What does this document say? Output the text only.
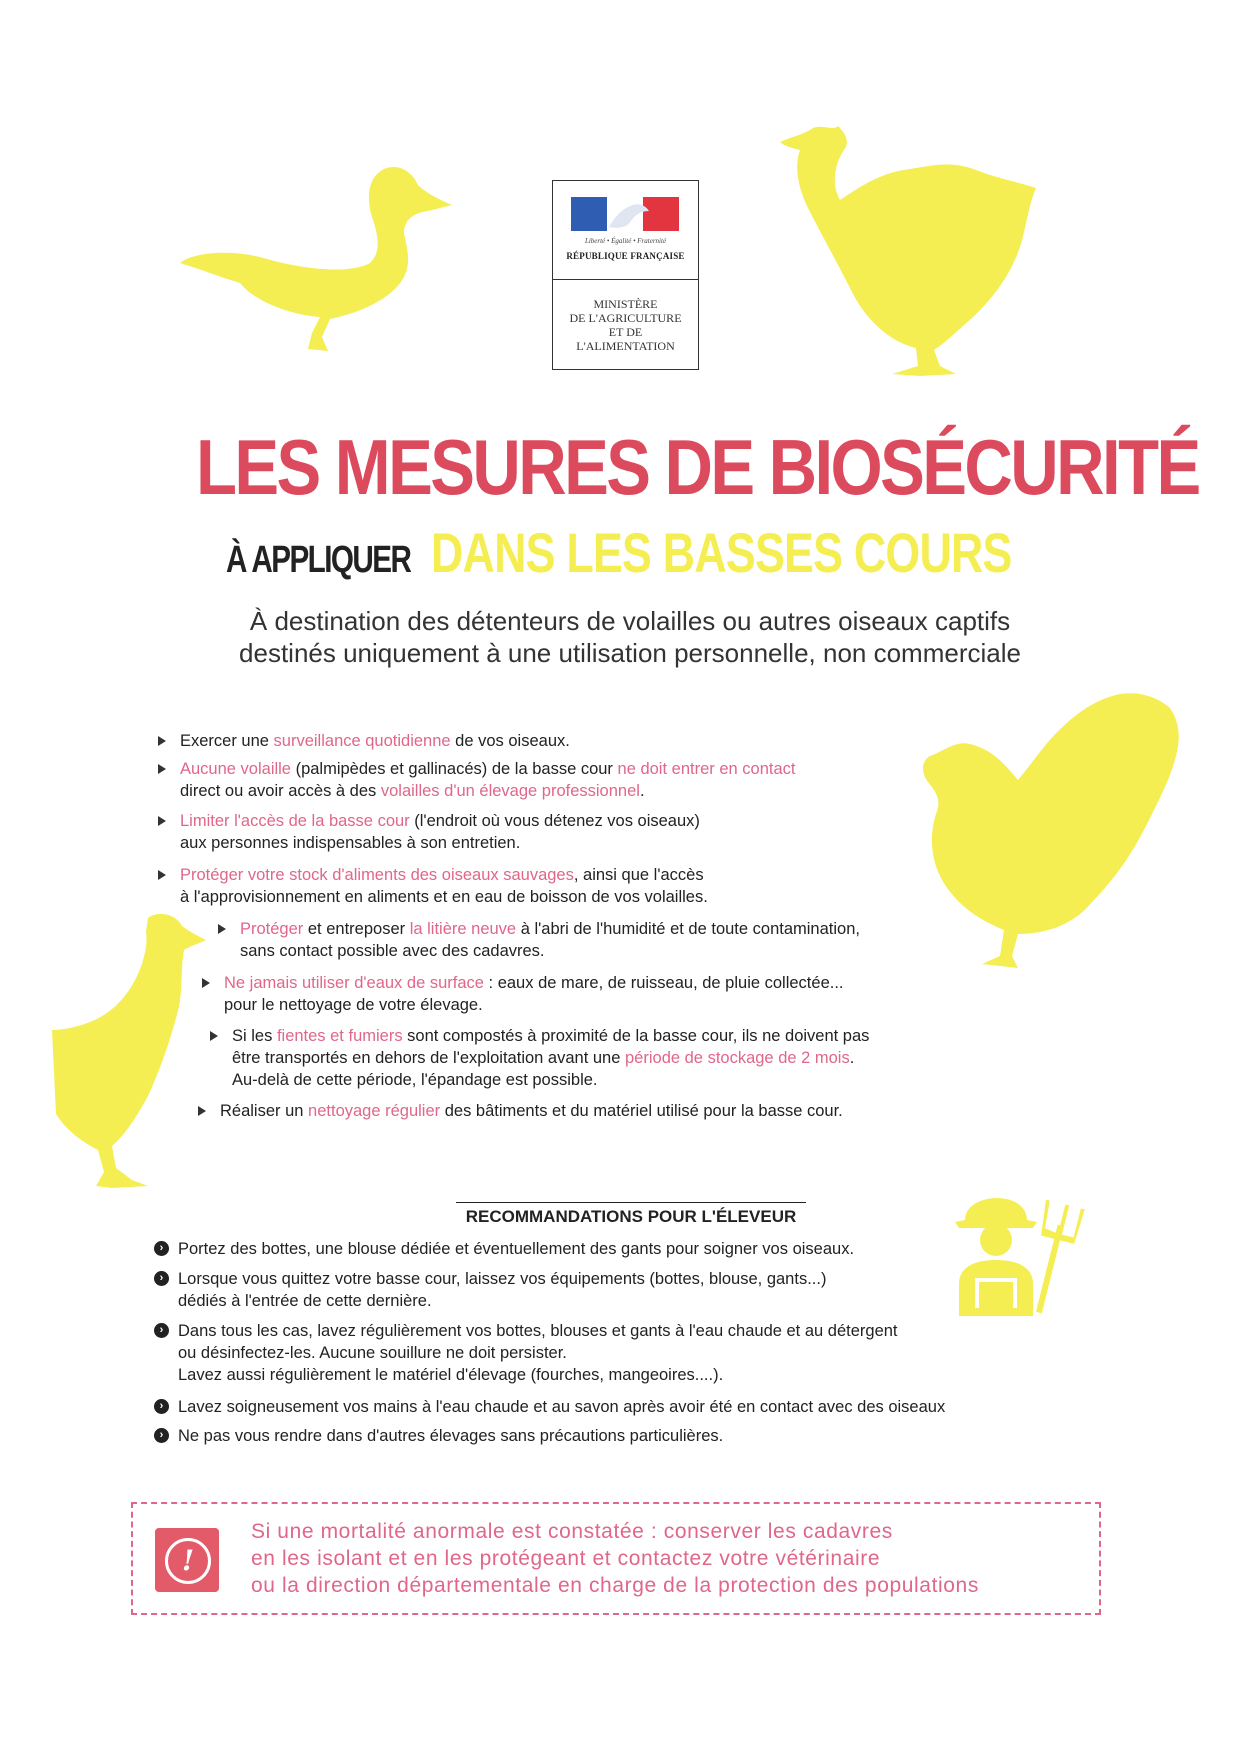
Liberté • Égalité • Fraternité
RÉPUBLIQUE FRANÇAISE
MINISTÈRE
DE L'AGRICULTURE
ET DE
L'ALIMENTATION
LES MESURES DE BIOSÉCURITÉ
À APPLIQUER DANS LES BASSES COURS
À destination des détenteurs de volailles ou autres oiseaux captifs
destinés uniquement à une utilisation personnelle, non commerciale
Exercer une surveillance quotidienne de vos oiseaux.
Aucune volaille (palmipèdes et gallinacés) de la basse cour ne doit entrer en contact
direct ou avoir accès à des volailles d'un élevage professionnel.
Limiter l'accès de la basse cour (l'endroit où vous détenez vos oiseaux)
aux personnes indispensables à son entretien.
Protéger votre stock d'aliments des oiseaux sauvages, ainsi que l'accès
à l'approvisionnement en aliments et en eau de boisson de vos volailles.
Protéger et entreposer la litière neuve à l'abri de l'humidité et de toute contamination,
sans contact possible avec des cadavres.
Ne jamais utiliser d'eaux de surface : eaux de mare, de ruisseau, de pluie collectée...
pour le nettoyage de votre élevage.
Si les fientes et fumiers sont compostés à proximité de la basse cour, ils ne doivent pas
être transportés en dehors de l'exploitation avant une période de stockage de 2 mois.
Au-delà de cette période, l'épandage est possible.
Réaliser un nettoyage régulier des bâtiments et du matériel utilisé pour la basse cour.
RECOMMANDATIONS POUR L'ÉLEVEUR
› Portez des bottes, une blouse dédiée et éventuellement des gants pour soigner vos oiseaux.
› Lorsque vous quittez votre basse cour, laissez vos équipements (bottes, blouse, gants...)
dédiés à l'entrée de cette dernière.
› Dans tous les cas, lavez régulièrement vos bottes, blouses et gants à l'eau chaude et au détergent
ou désinfectez-les. Aucune souillure ne doit persister.
Lavez aussi régulièrement le matériel d'élevage (fourches, mangeoires....).
› Lavez soigneusement vos mains à l'eau chaude et au savon après avoir été en contact avec des oiseaux
› Ne pas vous rendre dans d'autres élevages sans précautions particulières.
!
Si une mortalité anormale est constatée : conserver les cadavres
en les isolant et en les protégeant et contactez votre vétérinaire
ou la direction départementale en charge de la protection des populations
